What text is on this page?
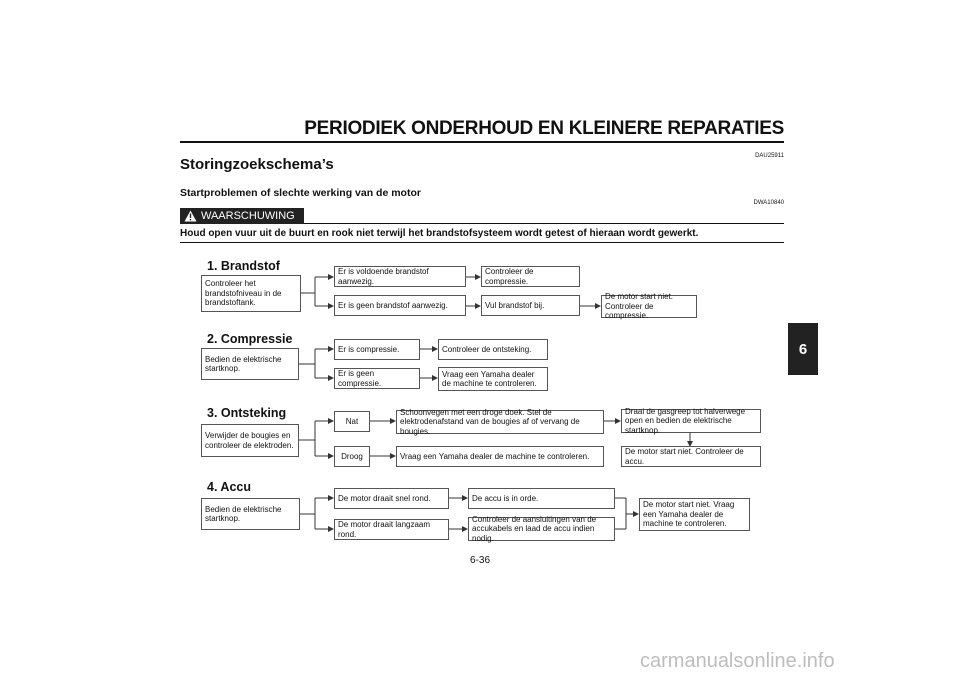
PERIODIEK ONDERHOUD EN KLEINERE REPARATIES
DAU25911
Storingzoekschema’s
Startproblemen of slechte werking van de motor
DWA10840
WAARSCHUWING
Houd open vuur uit de buurt en rook niet terwijl het brandstofsysteem wordt getest of hieraan wordt gewerkt.
1. Brandstof
Controleer het brandstofniveau in de brandstoftank.
Er is voldoende brandstof aanwezig.
Controleer de compressie.
Er is geen brandstof aanwezig.	Vul brandstof bij.
De motor start niet. Controleer de compressie.
2. Compressie
Bedien de elektrische startknop.
Er is compressie.	Controleer de ontsteking.
Er is geen compressie.
Vraag een Yamaha dealer de machine te controleren.
3. Ontsteking
Verwijder de bougies en controleer de elektroden.
Nat
Schoonvegen met een droge doek. Stel de elektrodenafstand van de bougies af of vervang de bougies.
Draai de gasgreep tot halverwege open en bedien de elektrische startknop.
Droog	Vraag een Yamaha dealer de machine te controleren.
De motor start niet. Controleer de accu.
4. Accu
Bedien de elektrische startknop.
De motor draait snel rond.	De accu is in orde.
De motor draait langzaam rond.
Controleer de aansluitingen van de accukabels en laad de accu indien nodig.
De motor start niet. Vraag een Yamaha dealer de machine te controleren.
6
6-36
carmanualsonline.info
